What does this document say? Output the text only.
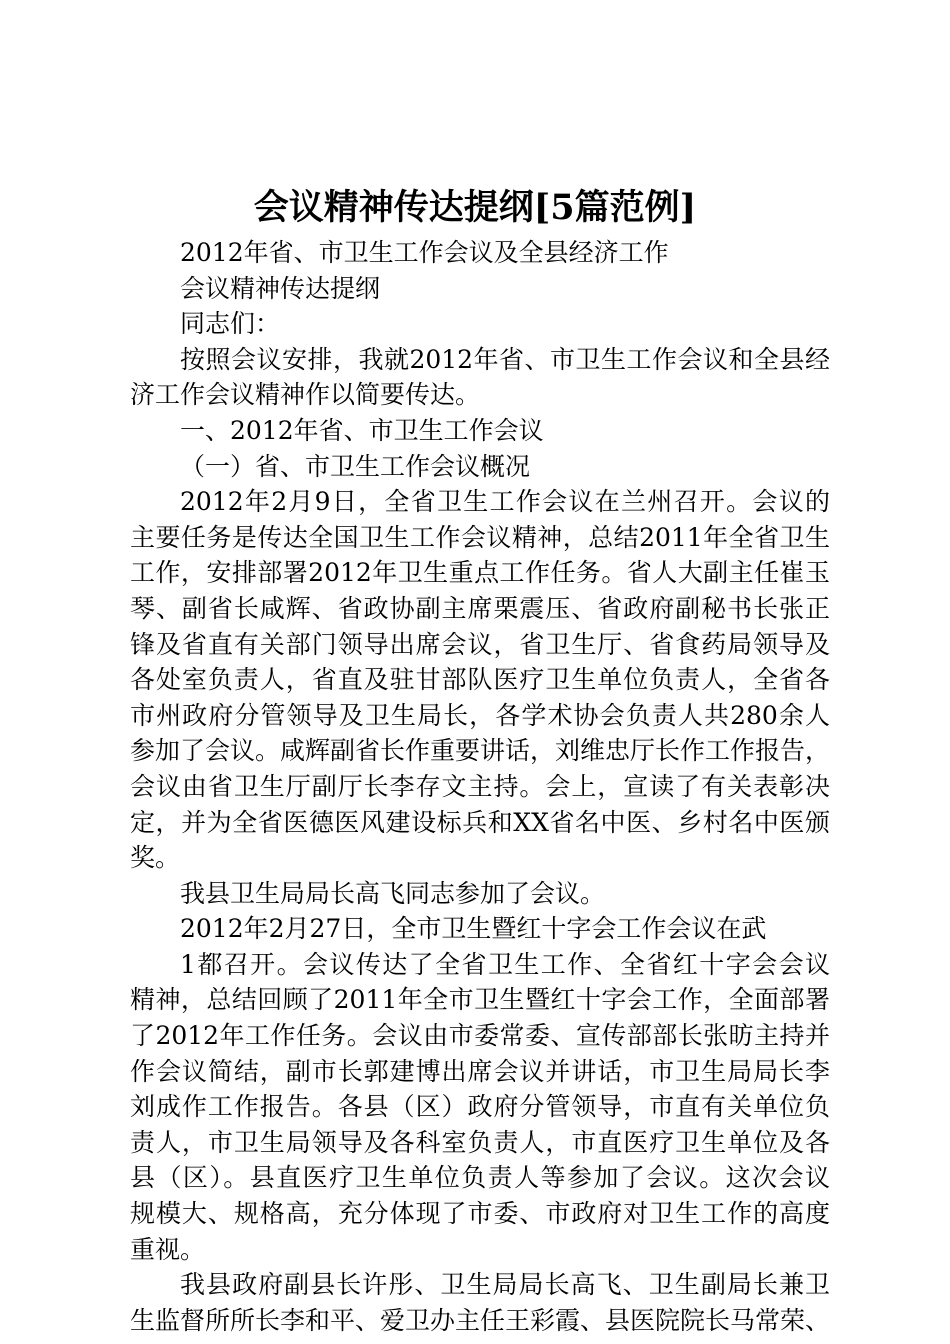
会议精神传达提纲[5篇范例]
2012年省、市卫生工作会议及全县经济工作
会议精神传达提纲
同志们：
按照会议安排，我就2012年省、市卫生工作会议和全县经
济工作会议精神作以简要传达。
一、2012年省、市卫生工作会议
（一）省、市卫生工作会议概况
2012年2月9日，全省卫生工作会议在兰州召开。会议的
主要任务是传达全国卫生工作会议精神，总结2011年全省卫生
工作，安排部署2012年卫生重点工作任务。省人大副主任崔玉
琴、副省长咸辉、省政协副主席栗震压、省政府副秘书长张正
锋及省直有关部门领导出席会议，省卫生厅、省食药局领导及
各处室负责人，省直及驻甘部队医疗卫生单位负责人，全省各
市州政府分管领导及卫生局长，各学术协会负责人共280余人
参加了会议。咸辉副省长作重要讲话，刘维忠厅长作工作报告，
会议由省卫生厅副厅长李存文主持。会上，宣读了有关表彰决
定，并为全省医德医风建设标兵和XX省名中医、乡村名中医颁
奖。
我县卫生局局长高飞同志参加了会议。
2012年2月27日，全市卫生暨红十字会工作会议在武
1都召开。会议传达了全省卫生工作、全省红十字会会议
精神，总结回顾了2011年全市卫生暨红十字会工作，全面部署
了2012年工作任务。会议由市委常委、宣传部部长张昉主持并
作会议简结，副市长郭建博出席会议并讲话，市卫生局局长李
刘成作工作报告。各县（区）政府分管领导，市直有关单位负
责人，市卫生局领导及各科室负责人，市直医疗卫生单位及各
县（区）。县直医疗卫生单位负责人等参加了会议。这次会议
规模大、规格高，充分体现了市委、市政府对卫生工作的高度
重视。
我县政府副县长许彤、卫生局局长高飞、卫生副局长兼卫
生监督所所长李和平、爱卫办主任王彩霞、县医院院长马常荣、
